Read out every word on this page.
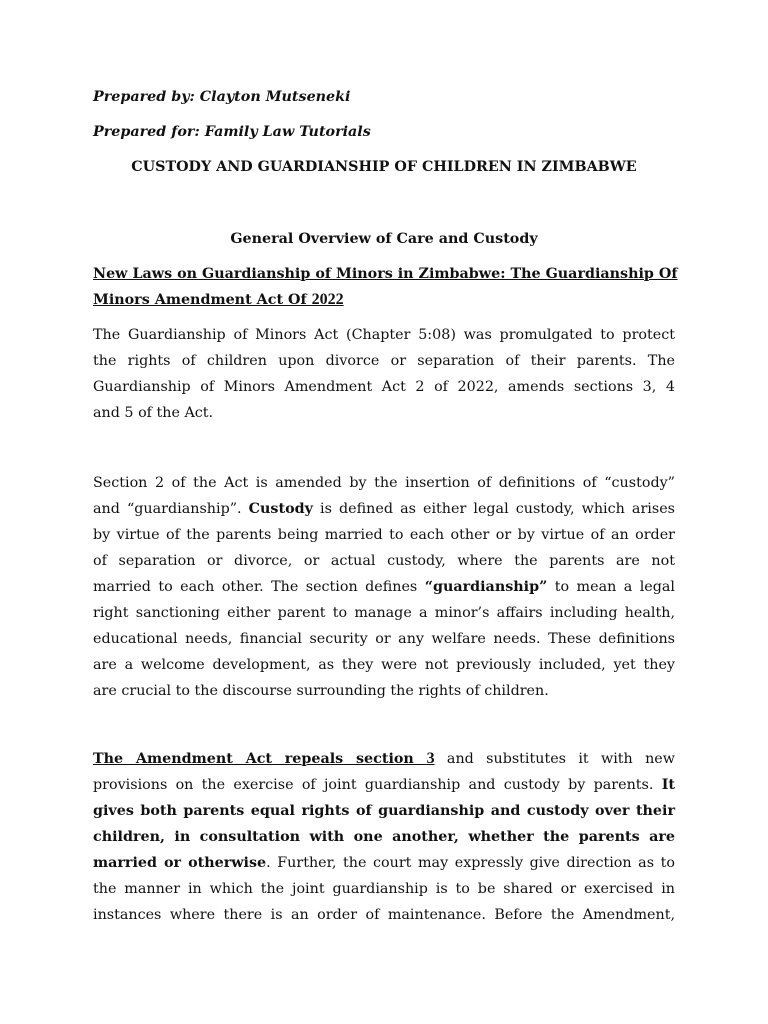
Prepared by: Clayton Mutseneki
Prepared for: Family Law Tutorials
CUSTODY AND GUARDIANSHIP OF CHILDREN IN ZIMBABWE
General Overview of Care and Custody
New Laws on Guardianship of Minors in Zimbabwe: The Guardianship Of
Minors Amendment Act Of 2022
The Guardianship of Minors Act (Chapter 5:08) was promulgated to protect
the rights of children upon divorce or separation of their parents. The
Guardianship of Minors Amendment Act 2 of 2022, amends sections 3, 4
and 5 of the Act.
Section 2 of the Act is amended by the insertion of definitions of “custody”
and “guardianship”. Custody is defined as either legal custody, which arises
by virtue of the parents being married to each other or by virtue of an order
of separation or divorce, or actual custody, where the parents are not
married to each other. The section defines “guardianship” to mean a legal
right sanctioning either parent to manage a minor’s affairs including health,
educational needs, financial security or any welfare needs. These definitions
are a welcome development, as they were not previously included, yet they
are crucial to the discourse surrounding the rights of children.
The Amendment Act repeals section 3 and substitutes it with new
provisions on the exercise of joint guardianship and custody by parents. It
gives both parents equal rights of guardianship and custody over their
children, in consultation with one another, whether the parents are
married or otherwise. Further, the court may expressly give direction as to
the manner in which the joint guardianship is to be shared or exercised in
instances where there is an order of maintenance. Before the Amendment,
